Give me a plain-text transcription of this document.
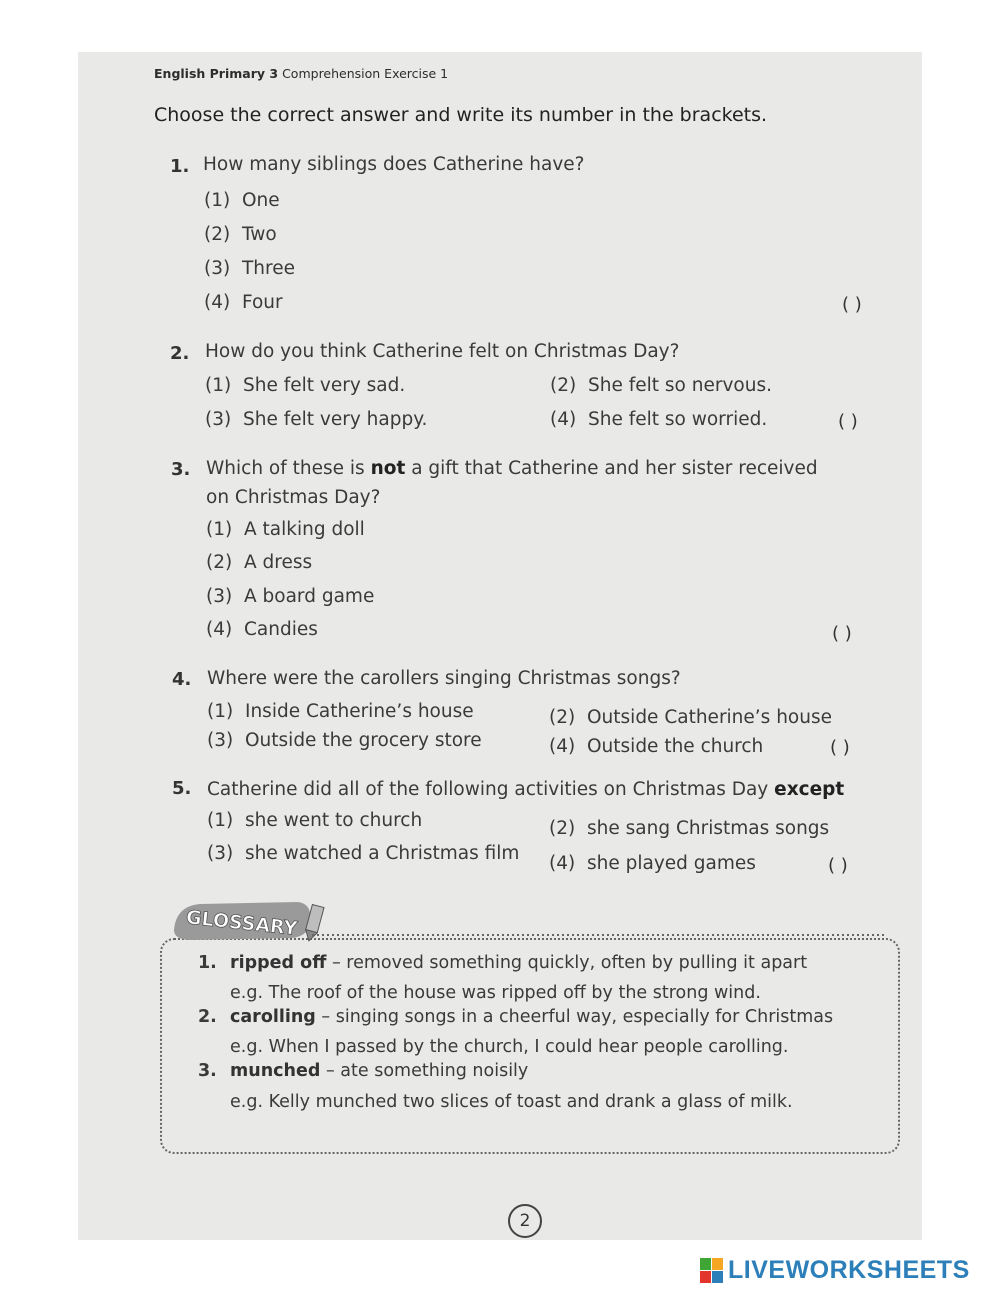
English Primary 3 Comprehension Exercise 1
Choose the correct answer and write its number in the brackets.
1. How many siblings does Catherine have?
(1) One
(2) Two
(3) Three
(4) Four	( )
2. How do you think Catherine felt on Christmas Day?
(1) She felt very sad.	(2) She felt so nervous.
(3) She felt very happy.	(4) She felt so worried.	( )
3. Which of these is not a gift that Catherine and her sister received
on Christmas Day?
(1) A talking doll
(2) A dress
(3) A board game
(4) Candies	( )
4. Where were the carollers singing Christmas songs?
(1) Inside Catherine’s house	(2) Outside Catherine’s house
(3) Outside the grocery store	(4) Outside the church	( )
5. Catherine did all of the following activities on Christmas Day except
(1) she went to church	(2) she sang Christmas songs
(3) she watched a Christmas film (4) she played games	( )
GLOSSARY
1. ripped off – removed something quickly, often by pulling it apart
e.g. The roof of the house was ripped off by the strong wind.
2. carolling – singing songs in a cheerful way, especially for Christmas
e.g. When I passed by the church, I could hear people carolling.
3. munched – ate something noisily
e.g. Kelly munched two slices of toast and drank a glass of milk.
2
LIVEWORKSHEETS
